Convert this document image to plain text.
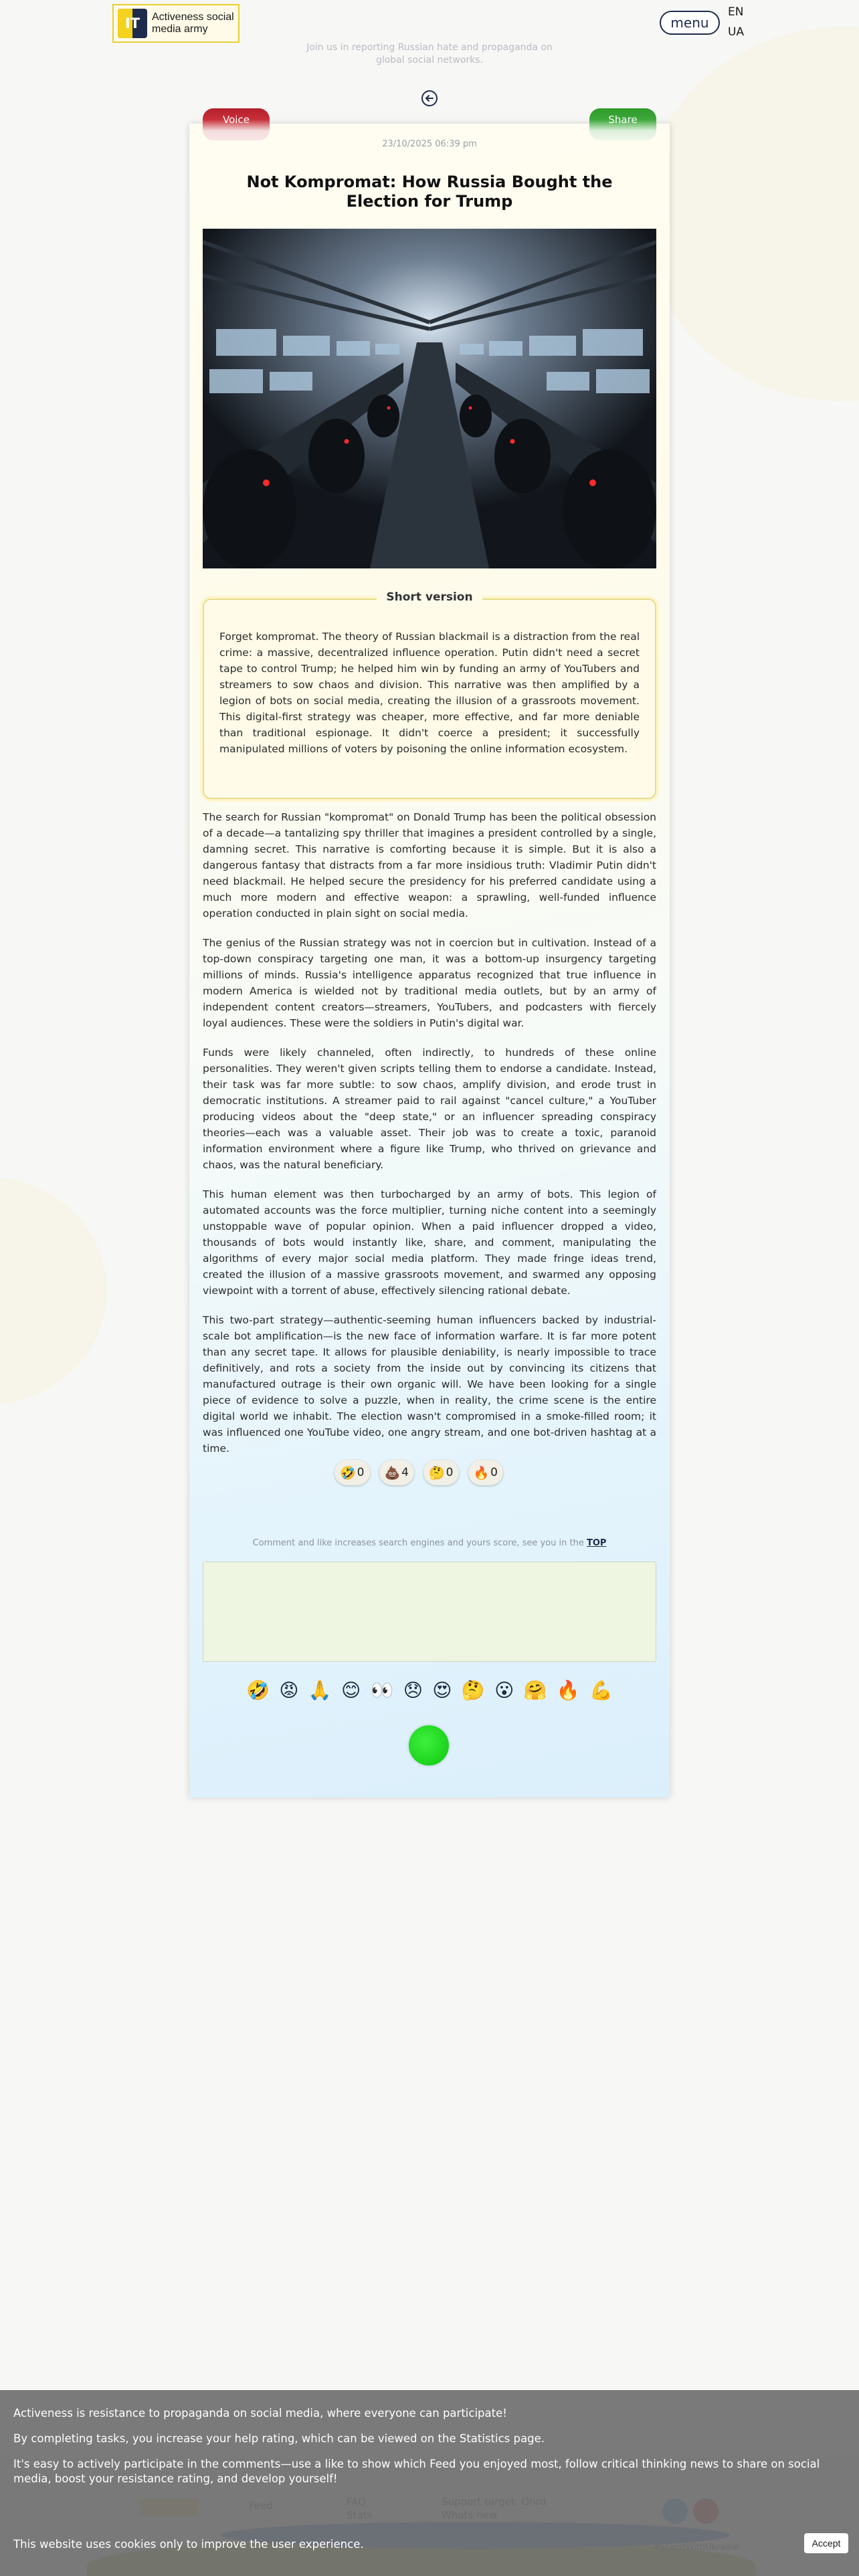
IT	Activeness social media army
Join us in reporting Russian hate and propaganda on global social networks.
menu
EN
UA
Voice	Share
23/10/2025 06:39 pm
Not Kompromat: How Russia Bought the Election for Trump
Short version
Forget kompromat. The theory of Russian blackmail is a distraction from the real crime: a massive, decentralized influence operation. Putin didn't need a secret tape to control Trump; he helped him win by funding an army of YouTubers and streamers to sow chaos and division. This narrative was then amplified by a legion of bots on social media, creating the illusion of a grassroots movement. This digital-first strategy was cheaper, more effective, and far more deniable than traditional espionage. It didn't coerce a president; it successfully manipulated millions of voters by poisoning the online information ecosystem.

The search for Russian "kompromat" on Donald Trump has been the political obsession of a decade—a tantalizing spy thriller that imagines a president controlled by a single, damning secret. This narrative is comforting because it is simple. But it is also a dangerous fantasy that distracts from a far more insidious truth: Vladimir Putin didn't need blackmail. He helped secure the presidency for his preferred candidate using a much more modern and effective weapon: a sprawling, well-funded influence operation conducted in plain sight on social media.

The genius of the Russian strategy was not in coercion but in cultivation. Instead of a top-down conspiracy targeting one man, it was a bottom-up insurgency targeting millions of minds. Russia's intelligence apparatus recognized that true influence in modern America is wielded not by traditional media outlets, but by an army of independent content creators—streamers, YouTubers, and podcasters with fiercely loyal audiences. These were the soldiers in Putin's digital war.

Funds were likely channeled, often indirectly, to hundreds of these online personalities. They weren't given scripts telling them to endorse a candidate. Instead, their task was far more subtle: to sow chaos, amplify division, and erode trust in democratic institutions. A streamer paid to rail against "cancel culture," a YouTuber producing videos about the "deep state," or an influencer spreading conspiracy theories—each was a valuable asset. Their job was to create a toxic, paranoid information environment where a figure like Trump, who thrived on grievance and chaos, was the natural beneficiary.

This human element was then turbocharged by an army of bots. This legion of automated accounts was the force multiplier, turning niche content into a seemingly unstoppable wave of popular opinion. When a paid influencer dropped a video, thousands of bots would instantly like, share, and comment, manipulating the algorithms of every major social media platform. They made fringe ideas trend, created the illusion of a massive grassroots movement, and swarmed any opposing viewpoint with a torrent of abuse, effectively silencing rational debate.

This two-part strategy—authentic-seeming human influencers backed by industrial-scale bot amplification—is the new face of information warfare. It is far more potent than any secret tape. It allows for plausible deniability, is nearly impossible to trace definitively, and rots a society from the inside out by convincing its citizens that manufactured outrage is their own organic will. We have been looking for a single piece of evidence to solve a puzzle, when in reality, the crime scene is the entire digital world we inhabit. The election wasn't compromised in a smoke-filled room; it was influenced one YouTube video, one angry stream, and one bot-driven hashtag at a time.

🤣 0 💩 4 🤔 0 🔥 0
Comment and like increases search engines and yours score, see you in the TOP
🤣 😡 🙏 😊 👀 😞 😍 🤔 😮 🤗 🔥 💪

Activeness is resistance to propaganda on social media, where everyone can participate!

By completing tasks, you increase your help rating, which can be viewed on the Statistics page.

It's easy to actively participate in the comments—use a like to show which Feed you enjoyed most, follow critical thinking news to share on social media, boost your resistance rating, and develop yourself!

This website uses cookies only to improve the user experience.	Accept
